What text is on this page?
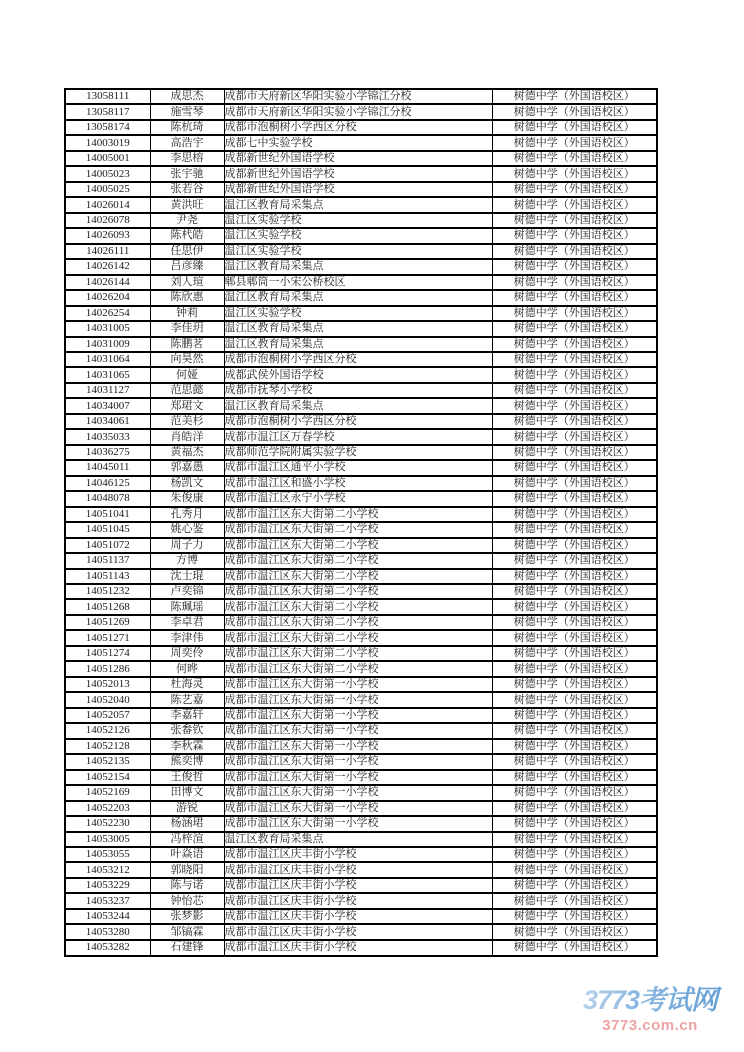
13058111	成思杰	成都市天府新区华阳实验小学锦江分校	树德中学（外国语校区）
13058117	施雪琴	成都市天府新区华阳实验小学锦江分校	树德中学（外国语校区）
13058174	陈杭琦	成都市泡桐树小学西区分校	树德中学（外国语校区）
14003019	高浩宇	成都七中实验学校	树德中学（外国语校区）
14005001	李思榕	成都新世纪外国语学校	树德中学（外国语校区）
14005023	张宇驰	成都新世纪外国语学校	树德中学（外国语校区）
14005025	张若谷	成都新世纪外国语学校	树德中学（外国语校区）
14026014	黄洪旺	温江区教育局采集点	树德中学（外国语校区）
14026078	尹尧	温江区实验学校	树德中学（外国语校区）
14026093	陈杙皓	温江区实验学校	树德中学（外国语校区）
14026111	任思伊	温江区实验学校	树德中学（外国语校区）
14026142	吕彦臻	温江区教育局采集点	树德中学（外国语校区）
14026144	刘人瑄	郫县郫筒一小宋公桥校区	树德中学（外国语校区）
14026204	陈欣惠	温江区教育局采集点	树德中学（外国语校区）
14026254	钟莉	温江区实验学校	树德中学（外国语校区）
14031005	李佳玥	温江区教育局采集点	树德中学（外国语校区）
14031009	陈鹏茗	温江区教育局采集点	树德中学（外国语校区）
14031064	向昊然	成都市泡桐树小学西区分校	树德中学（外国语校区）
14031065	何娅	成都武侯外国语学校	树德中学（外国语校区）
14031127	范思懿	成都市抚琴小学校	树德中学（外国语校区）
14034007	郑珺文	温江区教育局采集点	树德中学（外国语校区）
14034061	范美杉	成都市泡桐树小学西区分校	树德中学（外国语校区）
14035033	肖皓洋	成都市温江区万春学校	树德中学（外国语校区）
14036275	黄福杰	成都师范学院附属实验学校	树德中学（外国语校区）
14045011	郭嘉愚	成都市温江区通平小学校	树德中学（外国语校区）
14046125	杨凯文	成都市温江区和盛小学校	树德中学（外国语校区）
14048078	朱俊康	成都市温江区永宁小学校	树德中学（外国语校区）
14051041	孔秀月	成都市温江区东大街第二小学校	树德中学（外国语校区）
14051045	姚心鉴	成都市温江区东大街第二小学校	树德中学（外国语校区）
14051072	周子力	成都市温江区东大街第二小学校	树德中学（外国语校区）
14051137	方博	成都市温江区东大街第二小学校	树德中学（外国语校区）
14051143	沈士琨	成都市温江区东大街第二小学校	树德中学（外国语校区）
14051232	卢奕锦	成都市温江区东大街第二小学校	树德中学（外国语校区）
14051268	陈珮瑶	成都市温江区东大街第二小学校	树德中学（外国语校区）
14051269	李卓君	成都市温江区东大街第二小学校	树德中学（外国语校区）
14051271	李津伟	成都市温江区东大街第二小学校	树德中学（外国语校区）
14051274	周奕伶	成都市温江区东大街第二小学校	树德中学（外国语校区）
14051286	何晔	成都市温江区东大街第二小学校	树德中学（外国语校区）
14052013	杜海灵	成都市温江区东大街第一小学校	树德中学（外国语校区）
14052040	陈艺嘉	成都市温江区东大街第一小学校	树德中学（外国语校区）
14052057	李嘉轩	成都市温江区东大街第一小学校	树德中学（外国语校区）
14052126	张畚钦	成都市温江区东大街第一小学校	树德中学（外国语校区）
14052128	李秋霖	成都市温江区东大街第一小学校	树德中学（外国语校区）
14052135	熊奕博	成都市温江区东大街第一小学校	树德中学（外国语校区）
14052154	王俊哲	成都市温江区东大街第一小学校	树德中学（外国语校区）
14052169	田博文	成都市温江区东大街第一小学校	树德中学（外国语校区）
14052203	游锐	成都市温江区东大街第一小学校	树德中学（外国语校区）
14052230	杨涵珺	成都市温江区东大街第一小学校	树德中学（外国语校区）
14053005	冯梓渲	温江区教育局采集点	树德中学（外国语校区）
14053055	叶焱语	成都市温江区庆丰街小学校	树德中学（外国语校区）
14053212	郭晓阳	成都市温江区庆丰街小学校	树德中学（外国语校区）
14053229	陈与诺	成都市温江区庆丰街小学校	树德中学（外国语校区）
14053237	钟怡芯	成都市温江区庆丰街小学校	树德中学（外国语校区）
14053244	张梦影	成都市温江区庆丰街小学校	树德中学（外国语校区）
14053280	邹镐霖	成都市温江区庆丰街小学校	树德中学（外国语校区）
14053282	石建锋	成都市温江区庆丰街小学校	树德中学（外国语校区）
3773考试网
3773.com.cn
